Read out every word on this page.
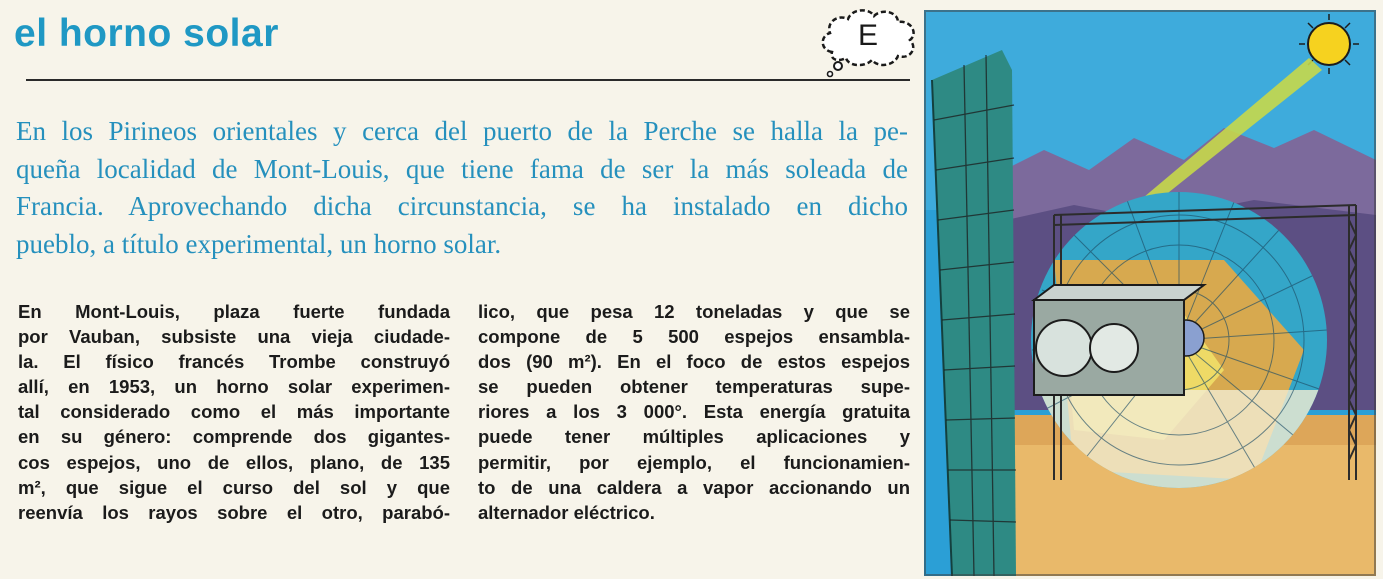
el horno solar	E

En los Pirineos orientales y cerca del puerto de la Perche se halla la pe-
queña localidad de Mont-Louis, que tiene fama de ser la más soleada de
Francia. Aprovechando dicha circunstancia, se ha instalado en dicho
pueblo, a título experimental, un horno solar.

En Mont-Louis, plaza fuerte fundada
por Vauban, subsiste una vieja ciudade-
la. El físico francés Trombe construyó
allí, en 1953, un horno solar experimen-
tal considerado como el más importante
en su género: comprende dos gigantes-
cos espejos, uno de ellos, plano, de 135
m², que sigue el curso del sol y que
reenvía los rayos sobre el otro, parabó-

lico, que pesa 12 toneladas y que se
compone de 5 500 espejos ensambla-
dos (90 m²). En el foco de estos espejos
se pueden obtener temperaturas supe-
riores a los 3 000°. Esta energía gratuita
puede tener múltiples aplicaciones y
permitir, por ejemplo, el funcionamien-
to de una caldera a vapor accionando un
alternador eléctrico.
